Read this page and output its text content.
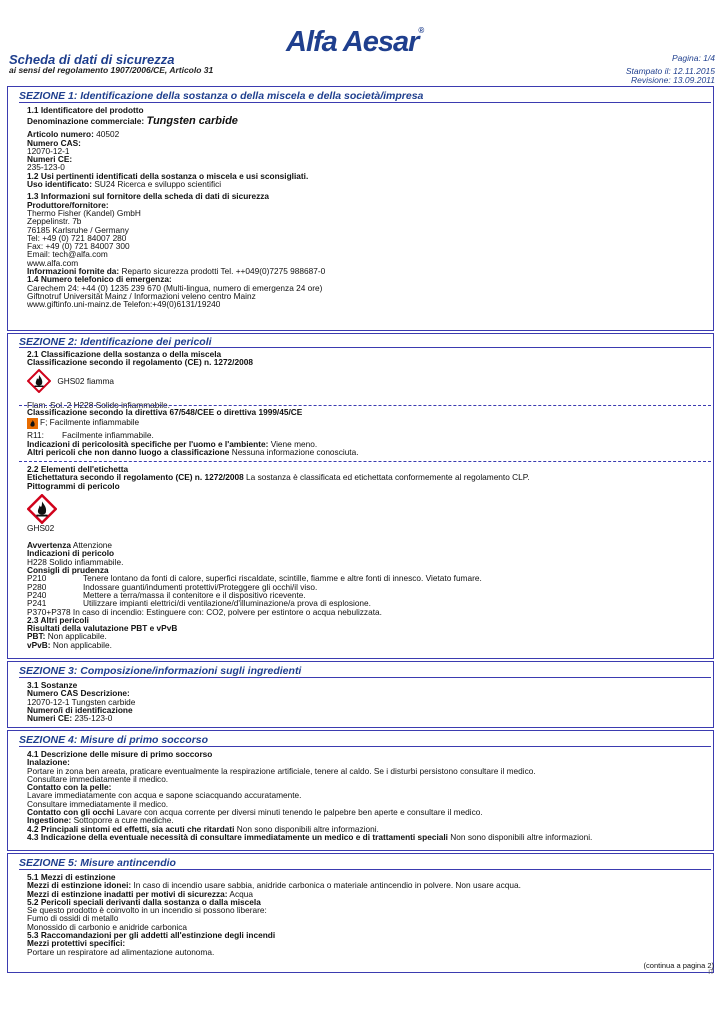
Alfa Aesar®
Scheda di dati di sicurezza
ai sensi del regolamento 1907/2006/CE, Articolo 31
Pagina: 1/4
Stampato il: 12.11.2015
Revisione: 13.09.2011
SEZIONE 1: Identificazione della sostanza o della miscela e della società/impresa
1.1 Identificatore del prodotto
Denominazione commerciale: Tungsten carbide
Articolo numero: 40502
Numero CAS:
12070-12-1
Numeri CE:
235-123-0
1.2 Usi pertinenti identificati della sostanza o miscela e usi sconsigliati.
Uso identificato: SU24 Ricerca e sviluppo scientifici
1.3 Informazioni sul fornitore della scheda di dati di sicurezza
Produttore/fornitore:
Thermo Fisher (Kandel) GmbH
Zeppelinstr. 7b
76185 Karlsruhe / Germany
Tel: +49 (0) 721 84007 280
Fax: +49 (0) 721 84007 300
Email: tech@alfa.com
www.alfa.com
Informazioni fornite da: Reparto sicurezza prodotti Tel. ++049(0)7275 988687-0
1.4 Numero telefonico di emergenza:
Carechem 24: +44 (0) 1235 239 670 (Multi-lingua, numero di emergenza 24 ore)
Giftnotruf Universität Mainz / Informazioni veleno centro Mainz
www.giftinfo.uni-mainz.de Telefon:+49(0)6131/19240
SEZIONE 2: Identificazione dei pericoli
2.1 Classificazione della sostanza o della miscela
Classificazione secondo il regolamento (CE) n. 1272/2008
GHS02 fiamma
Flam. Sol. 2 H228 Solido infiammabile.
Classificazione secondo la direttiva 67/548/CEE o direttiva 1999/45/CE
F; Facilmente infiammabile
R11: Facilmente infiammabile.
Indicazioni di pericolosità specifiche per l'uomo e l'ambiente: Viene meno.
Altri pericoli che non danno luogo a classificazione Nessuna informazione conosciuta.
2.2 Elementi dell'etichetta
Etichettatura secondo il regolamento (CE) n. 1272/2008 La sostanza è classificata ed etichettata conformemente al regolamento CLP.
Pittogrammi di pericolo
GHS02
Avvertenza Attenzione
Indicazioni di pericolo
H228 Solido infiammabile.
Consigli di prudenza
P210	Tenere lontano da fonti di calore, superfici riscaldate, scintille, fiamme e altre fonti di innesco. Vietato fumare.
P280	Indossare guanti/indumenti protettivi/Proteggere gli occhi/il viso.
P240	Mettere a terra/massa il contenitore e il dispositivo ricevente.
P241	Utilizzare impianti elettrici/di ventilazione/d'illuminazione/a prova di esplosione.
P370+P378 In caso di incendio: Estinguere con: CO2, polvere per estintore o acqua nebulizzata.
2.3 Altri pericoli
Risultati della valutazione PBT e vPvB
PBT: Non applicabile.
vPvB: Non applicabile.
SEZIONE 3: Composizione/informazioni sugli ingredienti
3.1 Sostanze
Numero CAS Descrizione:
12070-12-1 Tungsten carbide
Numero/i di identificazione
Numeri CE: 235-123-0
SEZIONE 4: Misure di primo soccorso
4.1 Descrizione delle misure di primo soccorso
Inalazione:
Portare in zona ben areata, praticare eventualmente la respirazione artificiale, tenere al caldo. Se i disturbi persistono consultare il medico.
Consultare immediatamente il medico.
Contatto con la pelle:
Lavare immediatamente con acqua e sapone sciacquando accuratamente.
Consultare immediatamente il medico.
Contatto con gli occhi Lavare con acqua corrente per diversi minuti tenendo le palpebre ben aperte e consultare il medico.
Ingestione: Sottoporre a cure mediche.
4.2 Principali sintomi ed effetti, sia acuti che ritardati Non sono disponibili altre informazioni.
4.3 Indicazione della eventuale necessità di consultare immediatamente un medico e di trattamenti speciali Non sono disponibili altre informazioni.
SEZIONE 5: Misure antincendio
5.1 Mezzi di estinzione
Mezzi di estinzione idonei: In caso di incendio usare sabbia, anidride carbonica o materiale antincendio in polvere. Non usare acqua.
Mezzi di estinzione inadatti per motivi di sicurezza: Acqua
5.2 Pericoli speciali derivanti dalla sostanza o dalla miscela
Se questo prodotto è coinvolto in un incendio si possono liberare:
Fumo di ossidi di metallo
Monossido di carbonio e anidride carbonica
5.3 Raccomandazioni per gli addetti all'estinzione degli incendi
Mezzi protettivi specifici:
Portare un respiratore ad alimentazione autonoma.
(continua a pagina 2)
IT
